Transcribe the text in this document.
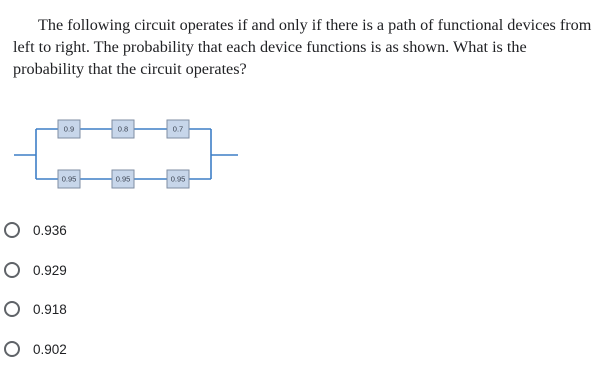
The following circuit operates if and only if there is a path of functional devices from left to right. The probability that each device functions is as shown. What is the probability that the circuit operates?

0.9	0.8	0.7
0.95	0.95	0.95
0.936
0.929
0.918
0.902
